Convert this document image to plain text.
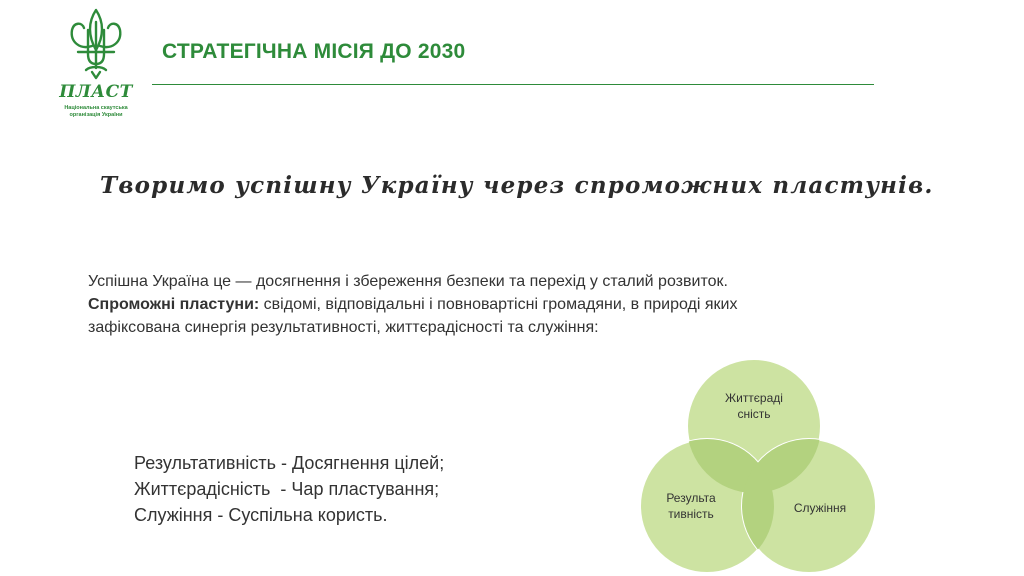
ПЛАСТ
Національна скаутська
організація України
СТРАТЕГІЧНА МІСІЯ ДО 2030
Творимо успішну Україну через спроможних пластунів.

Успішна Україна це — досягнення і збереження безпеки та перехід у сталий розвиток.

Спроможні пластуни: свідомі, відповідальні і повновартісні громадяни, в природі яких

зафіксована синергія результативності, життєрадісності та служіння:

Результативність - Досягнення цілей;
Життєрадісність  - Чар пластування;
Служіння - Суспільна користь.
Життєраді
сність
Результа
тивність	Служіння
